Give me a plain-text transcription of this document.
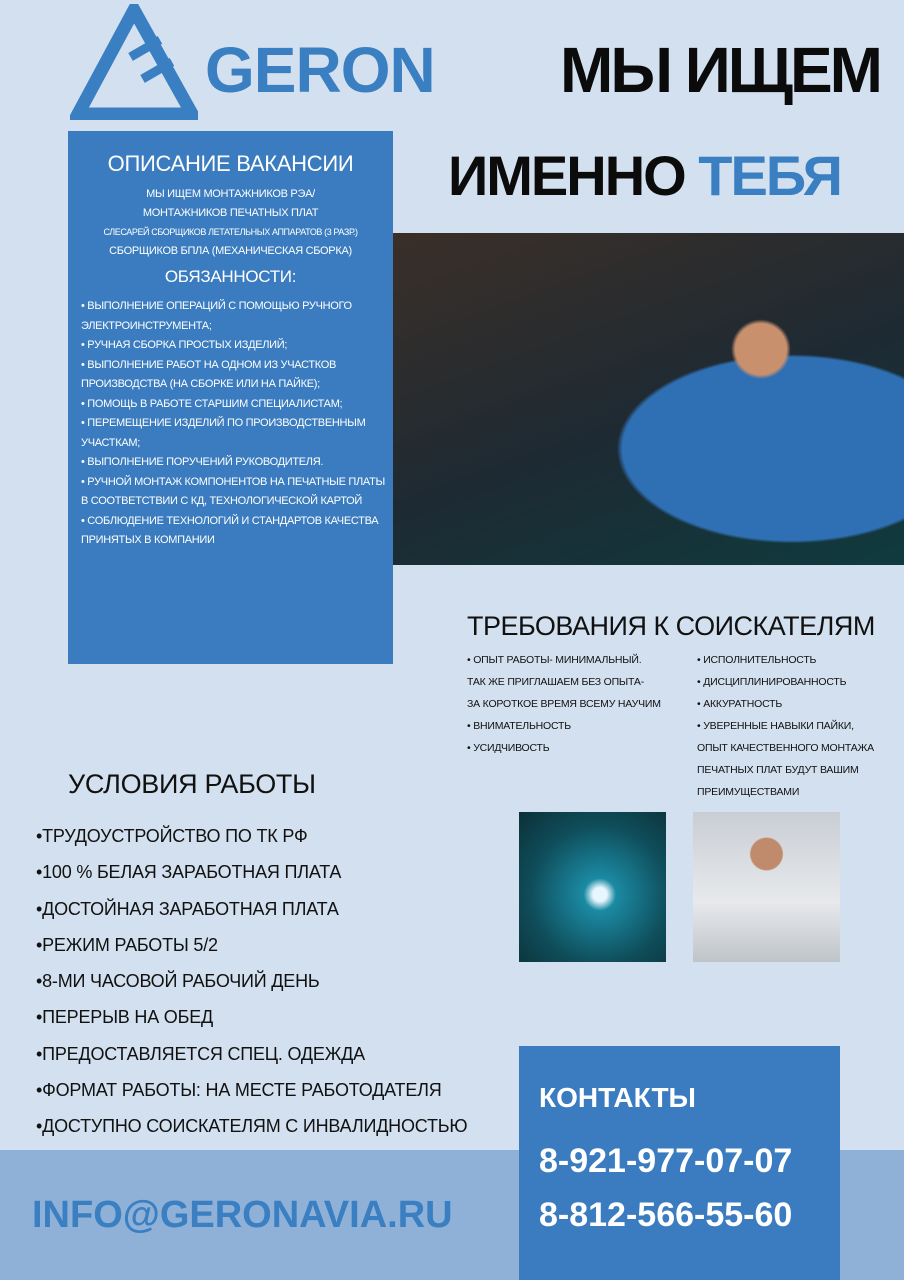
GERON МЫ ИЩЕМ
ИМЕННО ТЕБЯ
ОПИСАНИЕ ВАКАНСИИ
МЫ ИЩЕМ МОНТАЖНИКОВ РЭА/
МОНТАЖНИКОВ ПЕЧАТНЫХ ПЛАТ
СЛЕСАРЕЙ СБОРЩИКОВ ЛЕТАТЕЛЬНЫХ АППАРАТОВ (3 РАЗР.)
СБОРЩИКОВ БПЛА (МЕХАНИЧЕСКАЯ СБОРКА)
ОБЯЗАННОСТИ:
• ВЫПОЛНЕНИЕ ОПЕРАЦИЙ С ПОМОЩЬЮ РУЧНОГО ЭЛЕКТРОИНСТРУМЕНТА;
• РУЧНАЯ СБОРКА ПРОСТЫХ ИЗДЕЛИЙ;
• ВЫПОЛНЕНИЕ РАБОТ НА ОДНОМ ИЗ УЧАСТКОВ ПРОИЗВОДСТВА (НА СБОРКЕ ИЛИ НА ПАЙКЕ);
• ПОМОЩЬ В РАБОТЕ СТАРШИМ СПЕЦИАЛИСТАМ;
• ПЕРЕМЕЩЕНИЕ ИЗДЕЛИЙ ПО ПРОИЗВОДСТВЕННЫМ УЧАСТКАМ;
• ВЫПОЛНЕНИЕ ПОРУЧЕНИЙ РУКОВОДИТЕЛЯ.
• РУЧНОЙ МОНТАЖ КОМПОНЕНТОВ НА ПЕЧАТНЫЕ ПЛАТЫ В СООТВЕТСТВИИ С КД, ТЕХНОЛОГИЧЕСКОЙ КАРТОЙ
• СОБЛЮДЕНИЕ ТЕХНОЛОГИЙ И СТАНДАРТОВ КАЧЕСТВА ПРИНЯТЫХ В КОМПАНИИ
ТРЕБОВАНИЯ К СОИСКАТЕЛЯМ
• ОПЫТ РАБОТЫ- МИНИМАЛЬНЫЙ.
ТАК ЖЕ ПРИГЛАШАЕМ БЕЗ ОПЫТА-
ЗА КОРОТКОЕ ВРЕМЯ ВСЕМУ НАУЧИМ
• ВНИМАТЕЛЬНОСТЬ
• УСИДЧИВОСТЬ
• ИСПОЛНИТЕЛЬНОСТЬ
• ДИСЦИПЛИНИРОВАННОСТЬ
• АККУРАТНОСТЬ
• УВЕРЕННЫЕ НАВЫКИ ПАЙКИ,
ОПЫТ КАЧЕСТВЕННОГО МОНТАЖА
ПЕЧАТНЫХ ПЛАТ БУДУТ ВАШИМ
ПРЕИМУЩЕСТВАМИ
УСЛОВИЯ РАБОТЫ
•ТРУДОУСТРОЙСТВО ПО ТК РФ
•100 % БЕЛАЯ ЗАРАБОТНАЯ ПЛАТА
•ДОСТОЙНАЯ ЗАРАБОТНАЯ ПЛАТА
•РЕЖИМ РАБОТЫ 5/2
•8-МИ ЧАСОВОЙ РАБОЧИЙ ДЕНЬ
•ПЕРЕРЫВ НА ОБЕД
•ПРЕДОСТАВЛЯЕТСЯ СПЕЦ. ОДЕЖДА
•ФОРМАТ РАБОТЫ: НА МЕСТЕ РАБОТОДАТЕЛЯ
•ДОСТУПНО СОИСКАТЕЛЯМ С ИНВАЛИДНОСТЬЮ
INFO@GERONAVIA.RU
КОНТАКТЫ
8-921-977-07-07
8-812-566-55-60
